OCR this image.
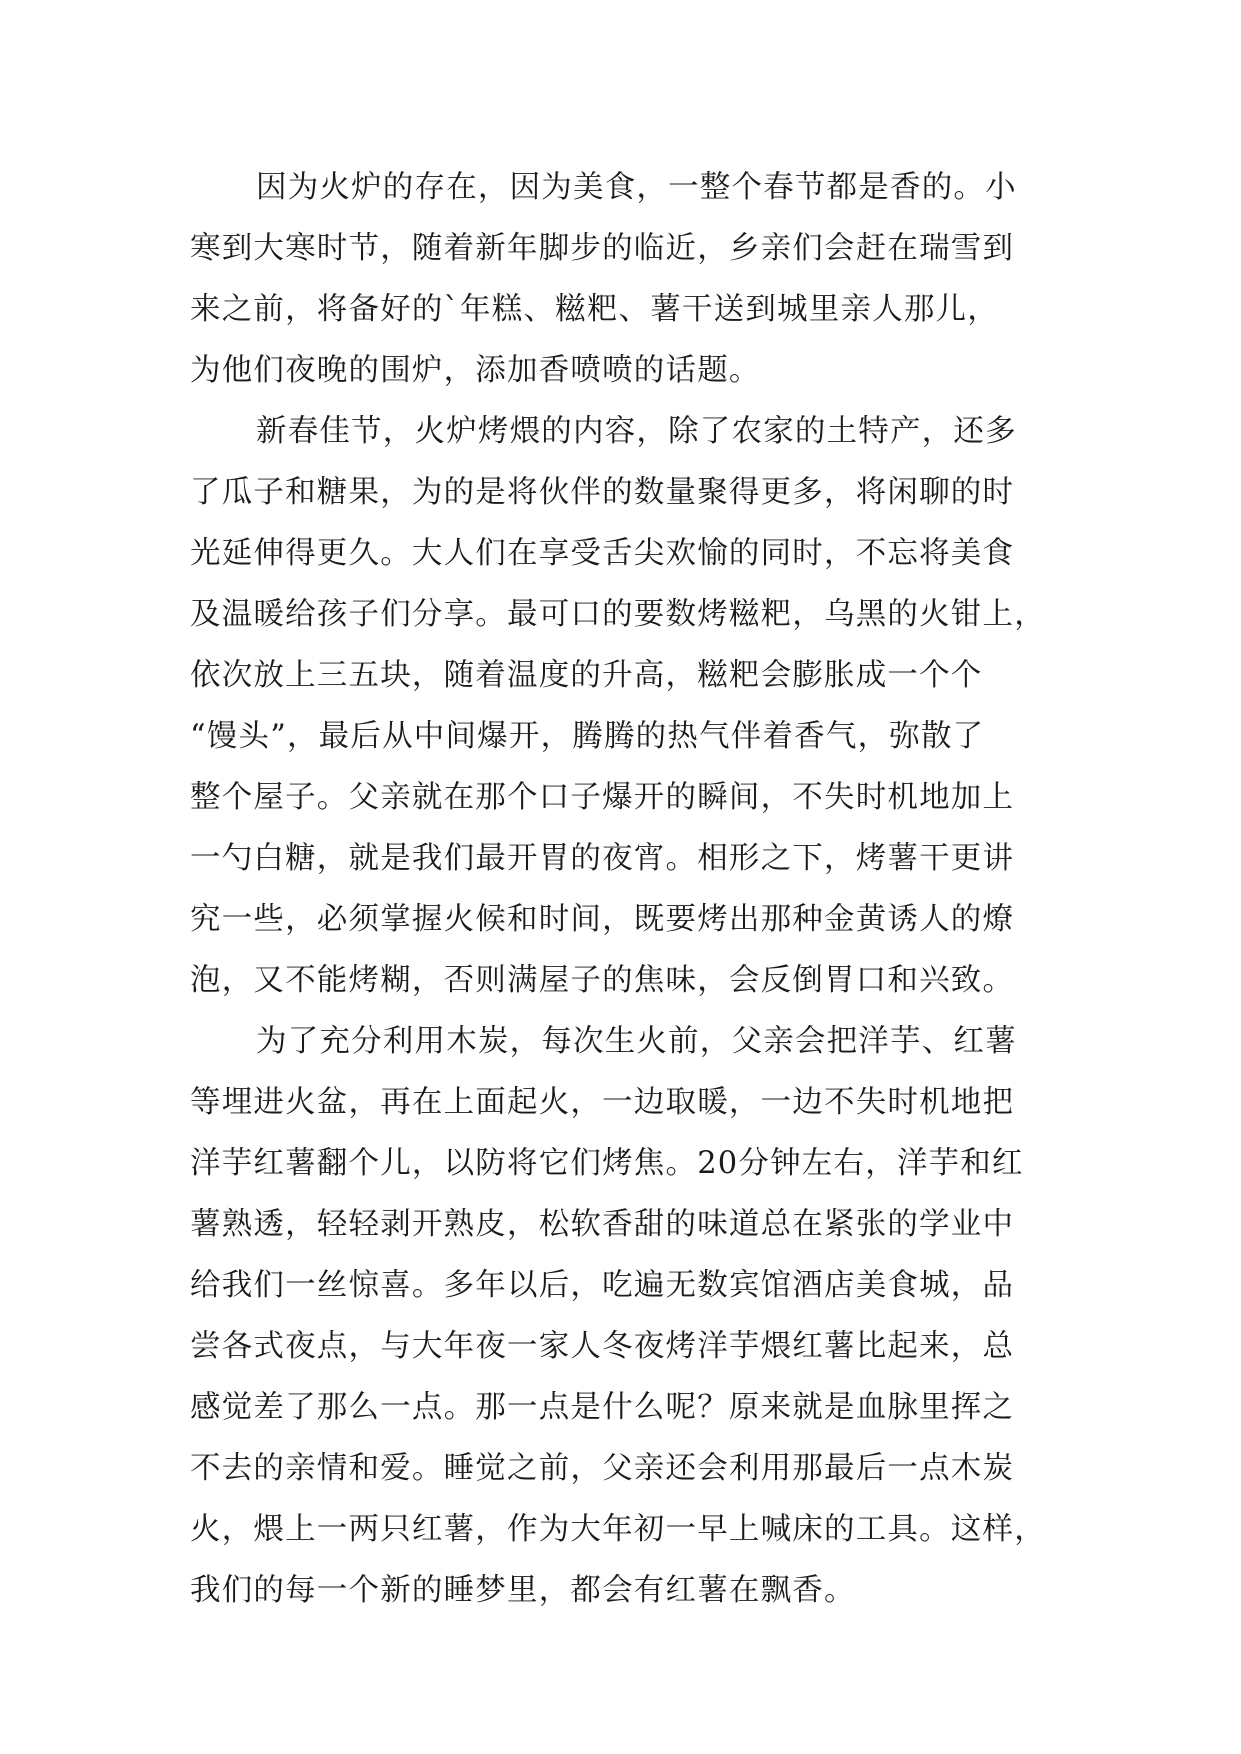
因为火炉的存在，因为美食，一整个春节都是香的。小
寒到大寒时节，随着新年脚步的临近，乡亲们会赶在瑞雪到
来之前，将备好的`年糕、糍粑、薯干送到城里亲人那儿，
为他们夜晚的围炉，添加香喷喷的话题。
新春佳节，火炉烤煨的内容，除了农家的土特产，还多
了瓜子和糖果，为的是将伙伴的数量聚得更多，将闲聊的时
光延伸得更久。大人们在享受舌尖欢愉的同时，不忘将美食
及温暖给孩子们分享。最可口的要数烤糍粑，乌黑的火钳上，
依次放上三五块，随着温度的升高，糍粑会膨胀成一个个
“馒头”，最后从中间爆开，腾腾的热气伴着香气，弥散了
整个屋子。父亲就在那个口子爆开的瞬间，不失时机地加上
一勺白糖，就是我们最开胃的夜宵。相形之下，烤薯干更讲
究一些，必须掌握火候和时间，既要烤出那种金黄诱人的燎
泡，又不能烤糊，否则满屋子的焦味，会反倒胃口和兴致。
为了充分利用木炭，每次生火前，父亲会把洋芋、红薯
等埋进火盆，再在上面起火，一边取暖，一边不失时机地把
洋芋红薯翻个儿，以防将它们烤焦。20分钟左右，洋芋和红
薯熟透，轻轻剥开熟皮，松软香甜的味道总在紧张的学业中
给我们一丝惊喜。多年以后，吃遍无数宾馆酒店美食城，品
尝各式夜点，与大年夜一家人冬夜烤洋芋煨红薯比起来，总
感觉差了那么一点。那一点是什么呢？原来就是血脉里挥之
不去的亲情和爱。睡觉之前，父亲还会利用那最后一点木炭
火，煨上一两只红薯，作为大年初一早上喊床的工具。这样，
我们的每一个新的睡梦里，都会有红薯在飘香。
